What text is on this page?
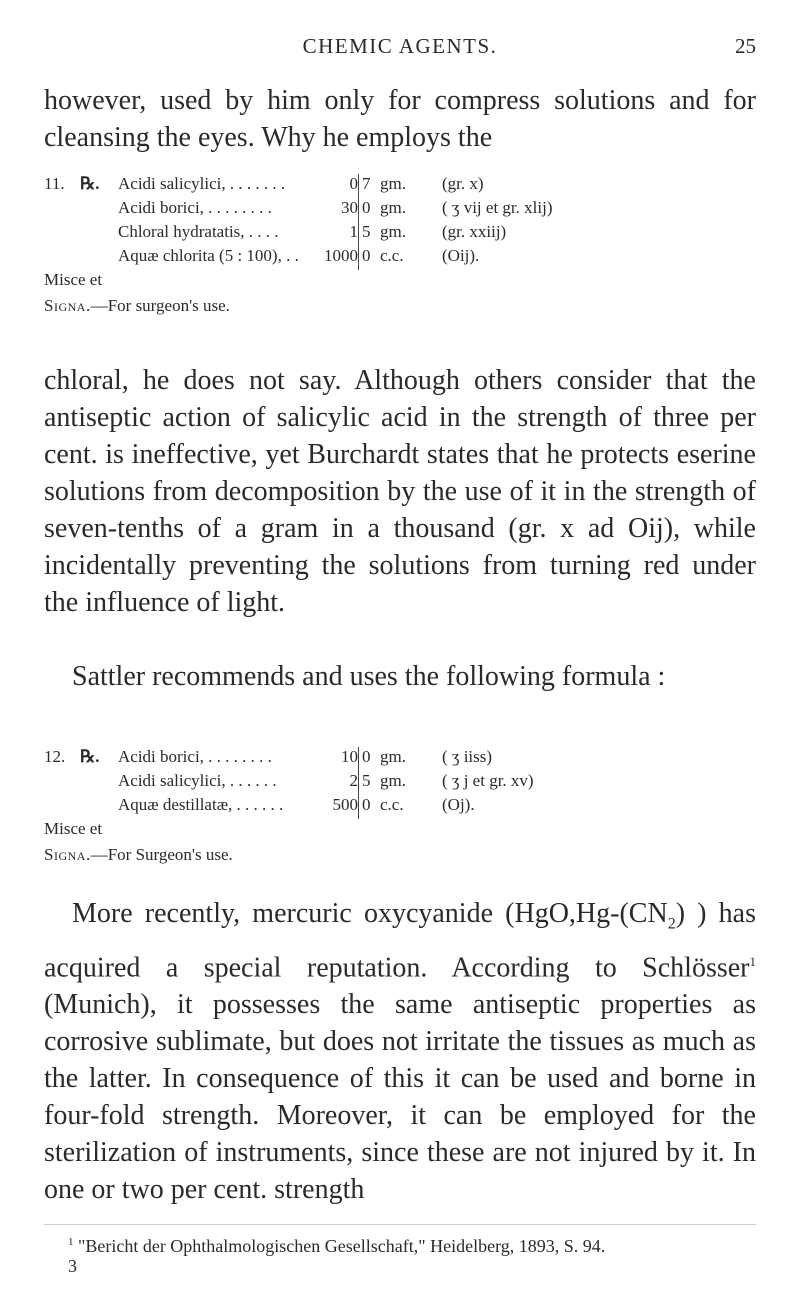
CHEMIC AGENTS.	25

however, used by him only for compress solutions and for cleansing the eyes. Why he employs the

11. ℞. Acidi salicylici, . . . . . . .	0 7 gm. (gr. x)
Acidi borici, . . . . . . . .	30 0 gm. ( ʒ vij et gr. xlij)
Chloral hydratatis, . . . .	1 5 gm. (gr. xxiij)
Aquæ chlorita (5 : 100), . . 1000 0 c.c. (Oij).
Misce et
Signa.—For surgeon's use.

chloral, he does not say. Although others consider that the antiseptic action of salicylic acid in the strength of three per cent. is ineffective, yet Burchardt states that he protects eserine solutions from decomposition by the use of it in the strength of seven-tenths of a gram in a thousand (gr. x ad Oij), while incidentally preventing the solutions from turning red under the influence of light.

Sattler recommends and uses the following formula :

12. ℞. Acidi borici, . . . . . . . .	10 0 gm. ( ʒ iiss)
Acidi salicylici, . . . . . .	2 5 gm. ( ʒ j et gr. xv)
Aquæ destillatæ, . . . . . .	500 0 c.c. (Oj).
Misce et
Signa.—For Surgeon's use.

More recently, mercuric oxycyanide ($HgO,Hg-(CN_2)$ ) has acquired a special reputation. According to Schlösser$^1$ (Munich), it possesses the same antiseptic properties as corrosive sublimate, but does not irritate the tissues as much as the latter. In consequence of this it can be used and borne in four-fold strength. Moreover, it can be employed for the sterilization of instruments, since these are not injured by it. In one or two per cent. strength

$^1$ "Bericht der Ophthalmologischen Gesellschaft," Heidelberg, 1893, S. 94.
3
